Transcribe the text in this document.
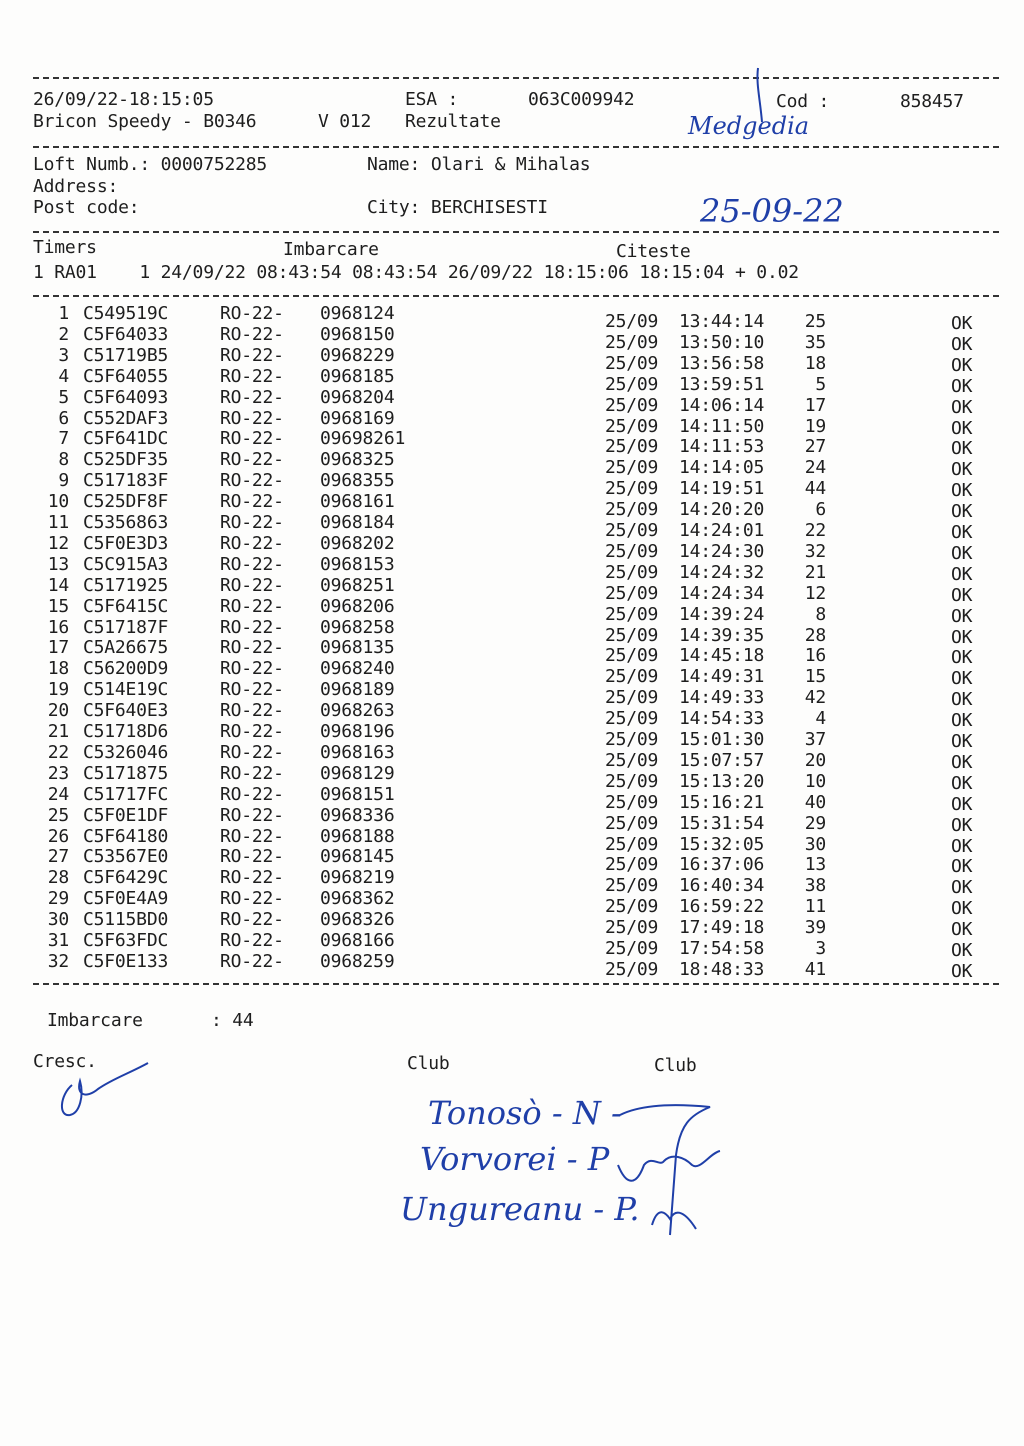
26/09/22-18:15:05	ESA :	063C009942	Cod :	858457
Bricon Speedy - B0346	V 012 Rezultate	Medgedia
Loft Numb.: 0000752285	Name: Olari & Mihalas
Address:
Post code:	City: BERCHISESTI	25-09-22
Timers	Imbarcare	Citeste
1 RA01    1 24/09/22 08:43:54 08:43:54 26/09/22 18:15:06 18:15:04 + 0.02
1 C549519C	RO-22- 0968124	25/09 13:44:14	25	OK
2 C5F64033	RO-22- 0968150	25/09 13:50:10	35	OK
3 C51719B5	RO-22- 0968229	25/09 13:56:58	18	OK
4 C5F64055	RO-22- 0968185	25/09 13:59:51	5	OK
5 C5F64093	RO-22- 0968204	25/09 14:06:14	17	OK
6 C552DAF3	RO-22- 0968169	25/09 14:11:50	19	OK
7 C5F641DC	RO-22- 09698261	25/09 14:11:53	27	OK
8 C525DF35	RO-22- 0968325	25/09 14:14:05	24	OK
9 C517183F	RO-22- 0968355	25/09 14:19:51	44	OK
10 C525DF8F	RO-22- 0968161	25/09 14:20:20	6	OK
11 C5356863	RO-22- 0968184	25/09 14:24:01	22	OK
12 C5F0E3D3	RO-22- 0968202	25/09 14:24:30	32	OK
13 C5C915A3	RO-22- 0968153	25/09 14:24:32	21	OK
14 C5171925	RO-22- 0968251	25/09 14:24:34	12	OK
15 C5F6415C	RO-22- 0968206	25/09 14:39:24	8	OK
16 C517187F	RO-22- 0968258	25/09 14:39:35	28	OK
17 C5A26675	RO-22- 0968135	25/09 14:45:18	16	OK
18 C56200D9	RO-22- 0968240	25/09 14:49:31	15	OK
19 C514E19C	RO-22- 0968189	25/09 14:49:33	42	OK
20 C5F640E3	RO-22- 0968263	25/09 14:54:33	4	OK
21 C51718D6	RO-22- 0968196	25/09 15:01:30	37	OK
22 C5326046	RO-22- 0968163	25/09 15:07:57	20	OK
23 C5171875	RO-22- 0968129	25/09 15:13:20	10	OK
24 C51717FC	RO-22- 0968151	25/09 15:16:21	40	OK
25 C5F0E1DF	RO-22- 0968336	25/09 15:31:54	29	OK
26 C5F64180	RO-22- 0968188	25/09 15:32:05	30	OK
27 C53567E0	RO-22- 0968145	25/09 16:37:06	13	OK
28 C5F6429C	RO-22- 0968219	25/09 16:40:34	38	OK
29 C5F0E4A9	RO-22- 0968362	25/09 16:59:22	11	OK
30 C5115BD0	RO-22- 0968326	25/09 17:49:18	39	OK
31 C5F63FDC	RO-22- 0968166	25/09 17:54:58	3	OK
32 C5F0E133	RO-22- 0968259	25/09 18:48:33	41	OK
Imbarcare	: 44
Cresc.	Club	Club
Tonosò - N -
Vorvorei - P
Ungureanu - P.
